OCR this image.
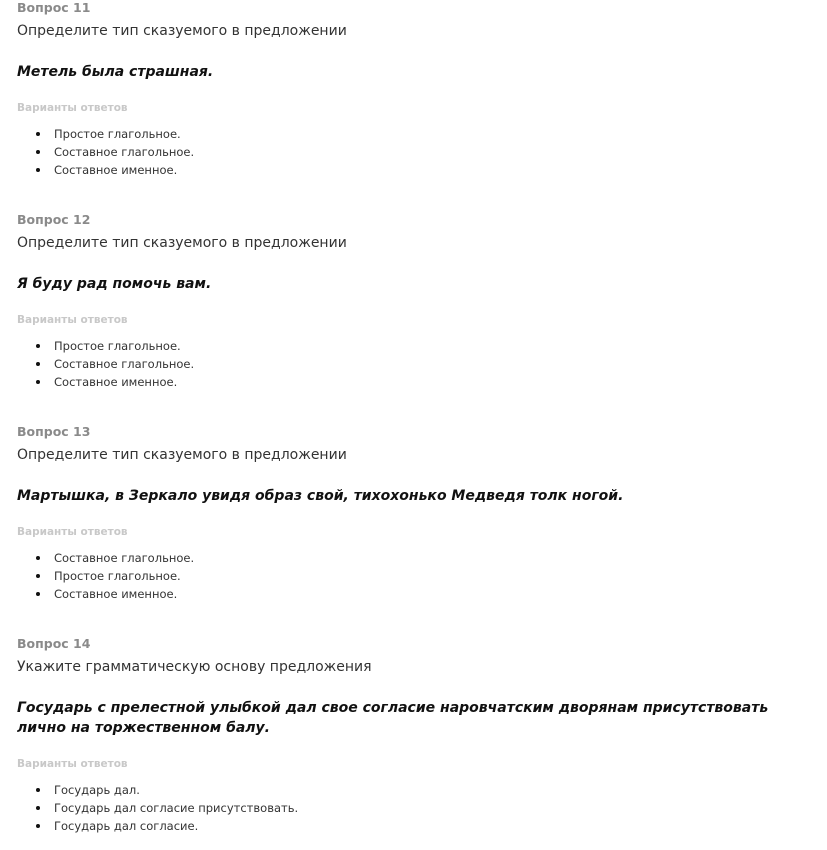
Вопрос 11
Определите тип сказуемого в предложении
Метель была страшная.
Варианты ответов
Простое глагольное.
Составное глагольное.
Составное именное.
Вопрос 12
Определите тип сказуемого в предложении
Я буду рад помочь вам.
Варианты ответов
Простое глагольное.
Составное глагольное.
Составное именное.
Вопрос 13
Определите тип сказуемого в предложении
Мартышка, в Зеркало увидя образ свой, тихохонько Медведя толк ногой.
Варианты ответов
Составное глагольное.
Простое глагольное.
Составное именное.
Вопрос 14
Укажите грамматическую основу предложения
Государь с прелестной улыбкой дал свое согласие наровчатским дворянам присутствовать лично на торжественном балу.
Варианты ответов
Государь дал.
Государь дал согласие присутствовать.
Государь дал согласие.
